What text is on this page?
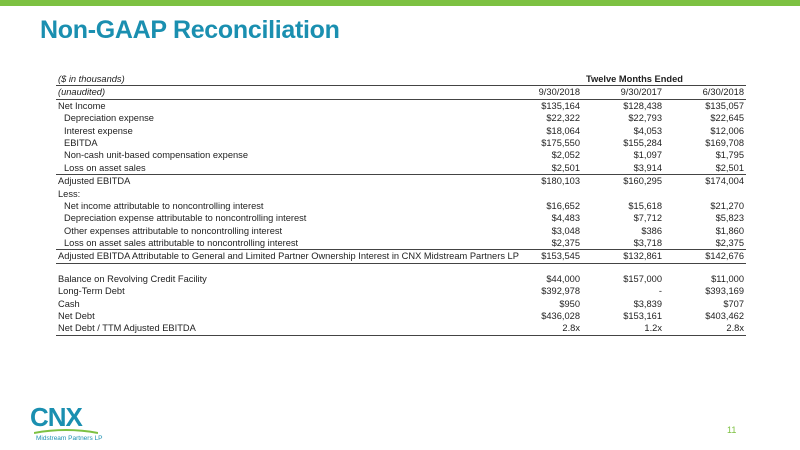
Non-GAAP Reconciliation
($ in thousands)	Twelve Months Ended
(unaudited)	9/30/2018	9/30/2017	6/30/2018
Net Income	$135,164	$128,438	$135,057
Depreciation expense	$22,322	$22,793	$22,645
Interest expense	$18,064	$4,053	$12,006
EBITDA	$175,550	$155,284	$169,708
Non-cash unit-based compensation expense	$2,052	$1,097	$1,795
Loss on asset sales	$2,501	$3,914	$2,501
Adjusted EBITDA	$180,103	$160,295	$174,004
Less:
Net income attributable to noncontrolling interest	$16,652	$15,618	$21,270
Depreciation expense attributable to noncontrolling interest	$4,483	$7,712	$5,823
Other expenses attributable to noncontrolling interest	$3,048	$386	$1,860
Loss on asset sales attributable to noncontrolling interest	$2,375	$3,718	$2,375
Adjusted EBITDA Attributable to General and Limited Partner Ownership Interest in CNX Midstream Partners LP	$153,545	$132,861	$142,676
Balance on Revolving Credit Facility	$44,000	$157,000	$11,000
Long-Term Debt	$392,978	-	$393,169
Cash	$950	$3,839	$707
Net Debt	$436,028	$153,161	$403,462
Net Debt / TTM Adjusted EBITDA	2.8x	1.2x	2.8x
CNX
Midstream Partners LP
11
